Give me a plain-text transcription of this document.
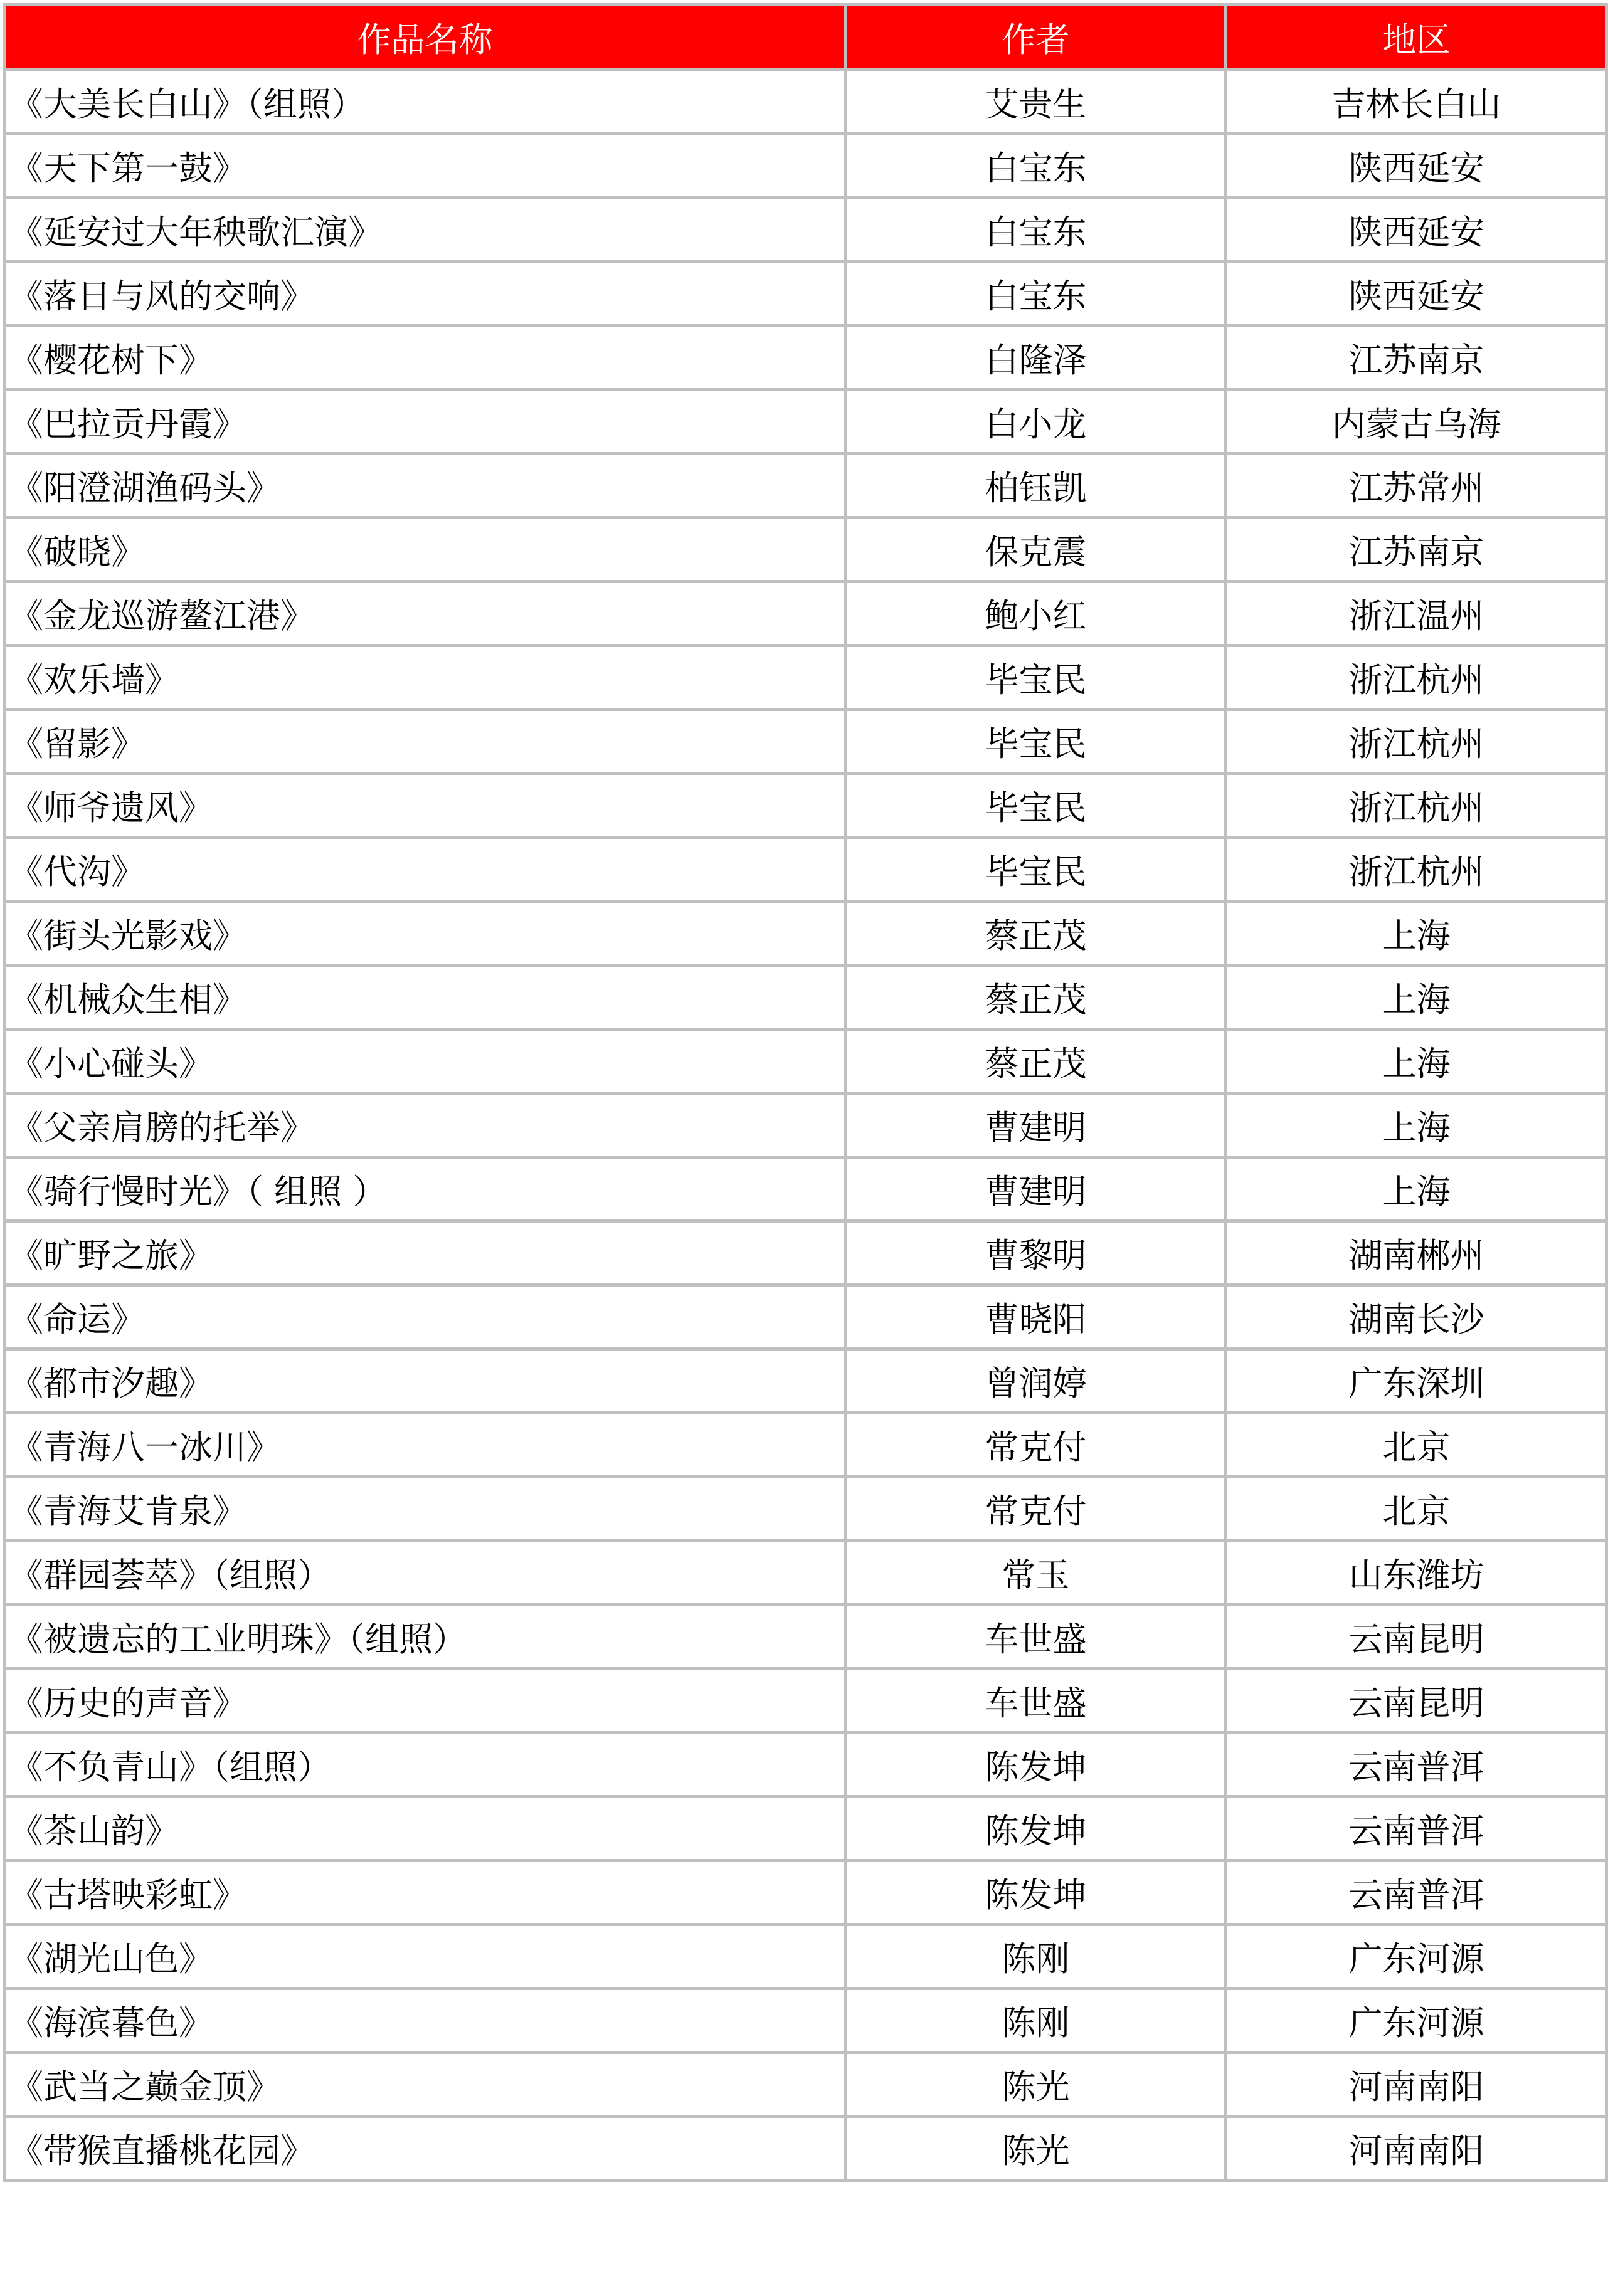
作品名称	作者	地区
《大美长白山》（组照）	艾贵生	吉林长白山
《天下第一鼓》	白宝东	陕西延安
《延安过大年秧歌汇演》	白宝东	陕西延安
《落日与风的交响》	白宝东	陕西延安
《樱花树下》	白隆泽	江苏南京
《巴拉贡丹霞》	白小龙	内蒙古乌海
《阳澄湖渔码头》	柏钰凯	江苏常州
《破晓》	保克震	江苏南京
《金龙巡游鳌江港》	鲍小红	浙江温州
《欢乐墙》	毕宝民	浙江杭州
《留影》	毕宝民	浙江杭州
《师爷遗风》	毕宝民	浙江杭州
《代沟》	毕宝民	浙江杭州
《街头光影戏》	蔡正茂	上海
《机械众生相》	蔡正茂	上海
《小心碰头》	蔡正茂	上海
《父亲肩膀的托举》	曹建明	上海
《骑行慢时光》（ 组照 ）	曹建明	上海
《旷野之旅》	曹黎明	湖南郴州
《命运》	曹晓阳	湖南长沙
《都市汐趣》	曾润婷	广东深圳
《青海八一冰川》	常克付	北京
《青海艾肯泉》	常克付	北京
《群园荟萃》（组照）	常玉	山东潍坊
《被遗忘的工业明珠》（组照）	车世盛	云南昆明
《历史的声音》	车世盛	云南昆明
《不负青山》（组照）	陈发坤	云南普洱
《茶山韵》	陈发坤	云南普洱
《古塔映彩虹》	陈发坤	云南普洱
《湖光山色》	陈刚	广东河源
《海滨暮色》	陈刚	广东河源
《武当之巅金顶》	陈光	河南南阳
《带猴直播桃花园》	陈光	河南南阳
